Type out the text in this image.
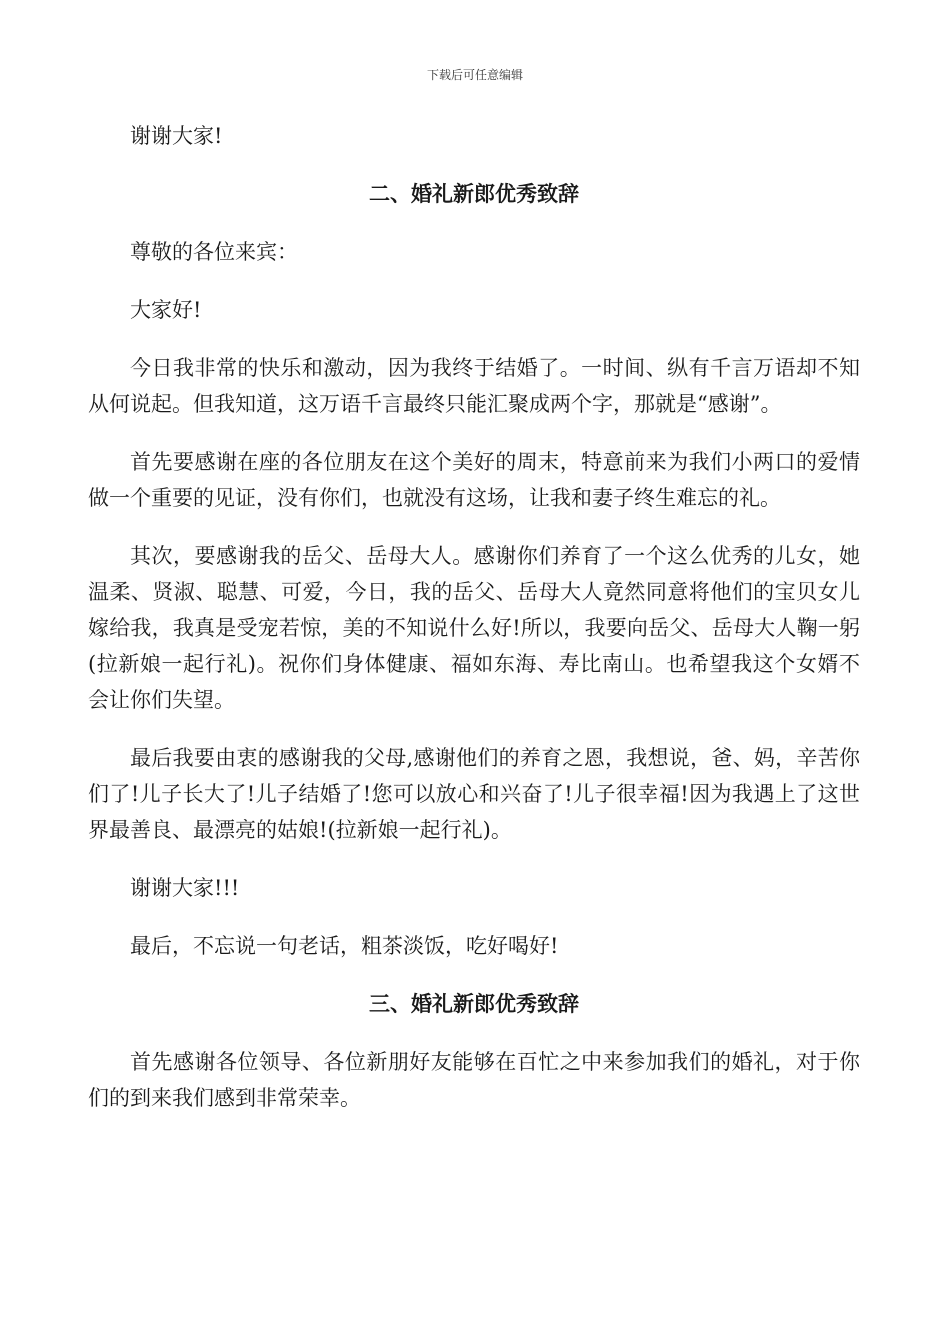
下载后可任意编辑

谢谢大家!

二、婚礼新郎优秀致辞

尊敬的各位来宾：

大家好!

今日我非常的快乐和激动，因为我终于结婚了。一时间、纵有千言万语却不知从何说起。但我知道，这万语千言最终只能汇聚成两个字，那就是“感谢”。

首先要感谢在座的各位朋友在这个美好的周末，特意前来为我们小两口的爱情做一个重要的见证，没有你们，也就没有这场，让我和妻子终生难忘的礼。

其次，要感谢我的岳父、岳母大人。感谢你们养育了一个这么优秀的儿女，她温柔、贤淑、聪慧、可爱，今日，我的岳父、岳母大人竟然同意将他们的宝贝女儿嫁给我，我真是受宠若惊，美的不知说什么好!所以，我要向岳父、岳母大人鞠一躬(拉新娘一起行礼)。祝你们身体健康、福如东海、寿比南山。也希望我这个女婿不会让你们失望。

最后我要由衷的感谢我的父母,感谢他们的养育之恩，我想说，爸、妈，辛苦你们了!儿子长大了!儿子结婚了!您可以放心和兴奋了!儿子很幸福!因为我遇上了这世界最善良、最漂亮的姑娘!(拉新娘一起行礼)。

谢谢大家!!!

最后，不忘说一句老话，粗茶淡饭，吃好喝好!

三、婚礼新郎优秀致辞

首先感谢各位领导、各位新朋好友能够在百忙之中来参加我们的婚礼，对于你们的到来我们感到非常荣幸。
